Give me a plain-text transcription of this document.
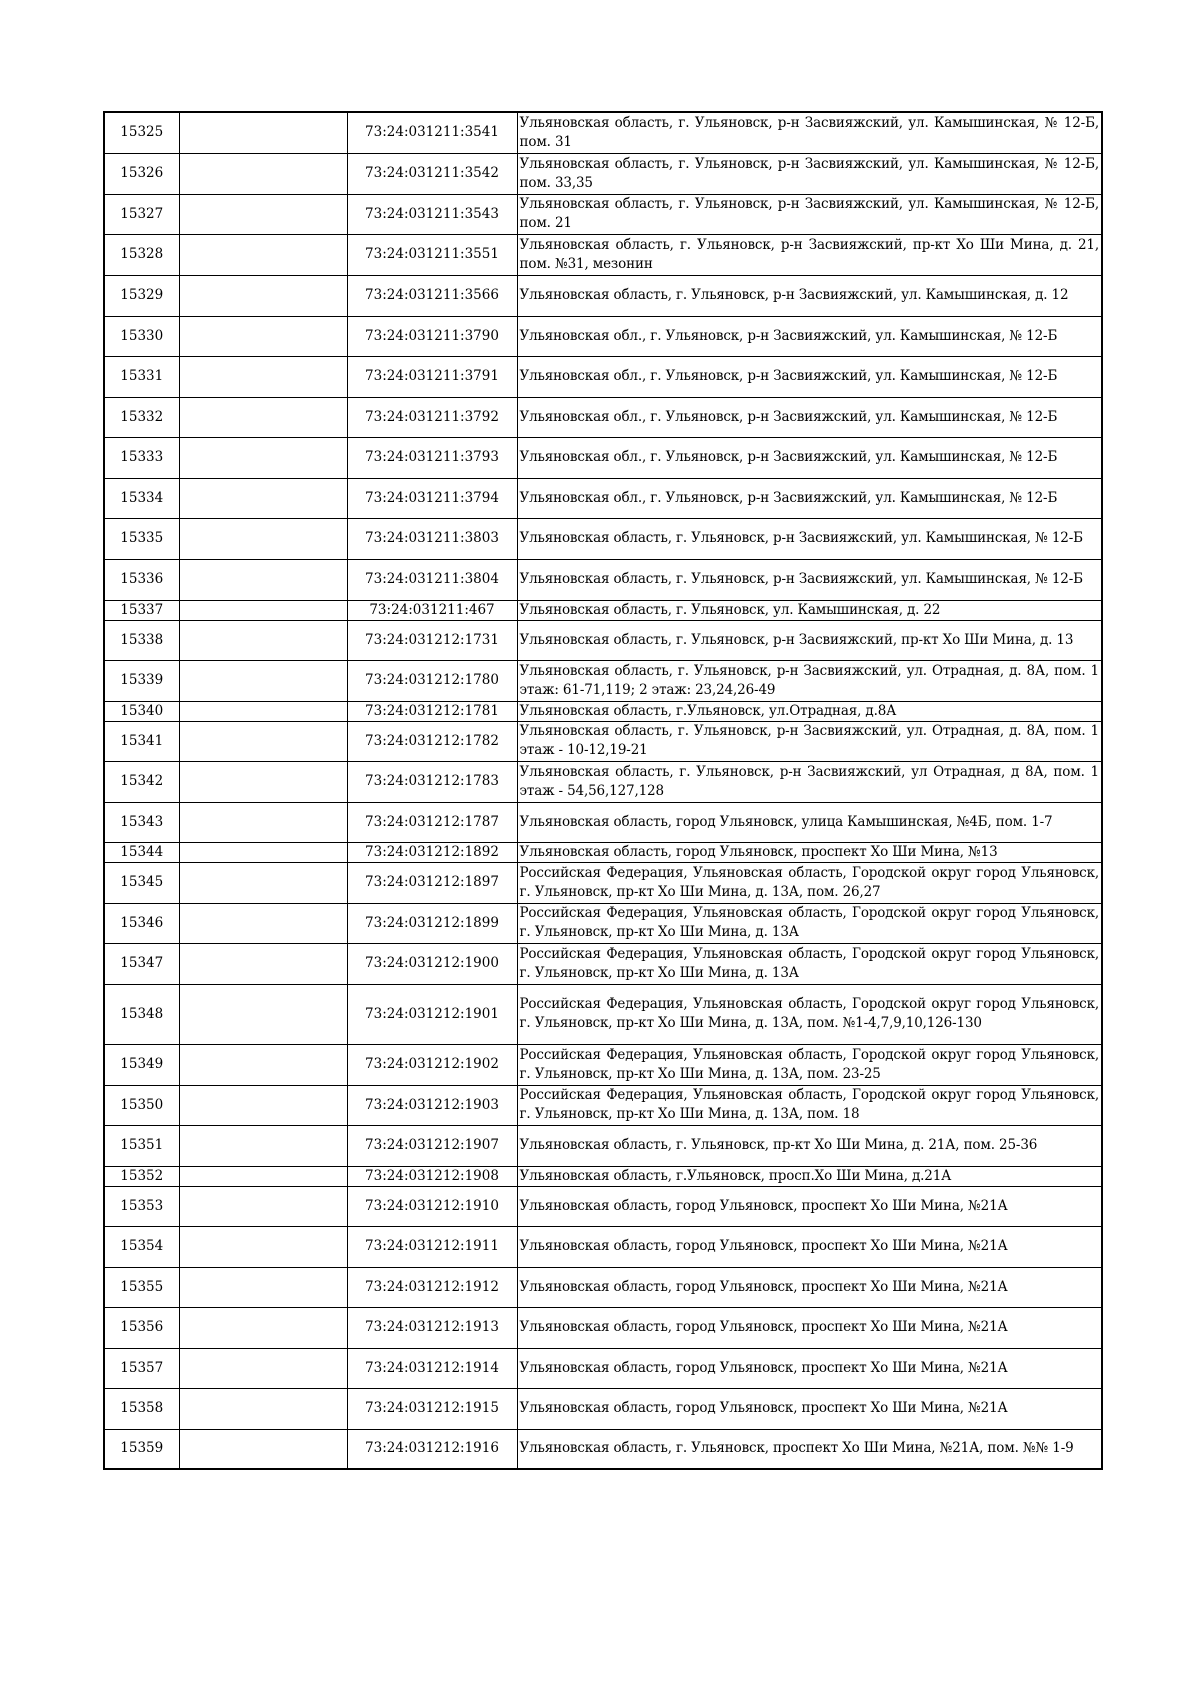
15325		73:24:031211:3541	Ульяновская область, г. Ульяновск, р-н Засвияжский, ул. Камышинская, № 12-Б, пом. 31
15326		73:24:031211:3542	Ульяновская область, г. Ульяновск, р-н Засвияжский, ул. Камышинская, № 12-Б, пом. 33,35
15327		73:24:031211:3543	Ульяновская область, г. Ульяновск, р-н Засвияжский, ул. Камышинская, № 12-Б, пом. 21
15328		73:24:031211:3551	Ульяновская область, г. Ульяновск, р-н Засвияжский, пр-кт Хо Ши Мина, д. 21, пом. №31, мезонин
15329		73:24:031211:3566	Ульяновская область, г. Ульяновск, р-н Засвияжский, ул. Камышинская, д. 12
15330		73:24:031211:3790	Ульяновская обл., г. Ульяновск, р-н Засвияжский, ул. Камышинская, № 12-Б
15331		73:24:031211:3791	Ульяновская обл., г. Ульяновск, р-н Засвияжский, ул. Камышинская, № 12-Б
15332		73:24:031211:3792	Ульяновская обл., г. Ульяновск, р-н Засвияжский, ул. Камышинская, № 12-Б
15333		73:24:031211:3793	Ульяновская обл., г. Ульяновск, р-н Засвияжский, ул. Камышинская, № 12-Б
15334		73:24:031211:3794	Ульяновская обл., г. Ульяновск, р-н Засвияжский, ул. Камышинская, № 12-Б
15335		73:24:031211:3803	Ульяновская область, г. Ульяновск, р-н Засвияжский, ул. Камышинская, № 12-Б
15336		73:24:031211:3804	Ульяновская область, г. Ульяновск, р-н Засвияжский, ул. Камышинская, № 12-Б
15337		73:24:031211:467	Ульяновская область, г. Ульяновск, ул. Камышинская, д. 22
15338		73:24:031212:1731	Ульяновская область, г. Ульяновск, р-н Засвияжский, пр-кт Хо Ши Мина, д. 13
15339		73:24:031212:1780	Ульяновская область, г. Ульяновск, р-н Засвияжский, ул. Отрадная, д. 8А, пом. 1 этаж: 61-71,119; 2 этаж: 23,24,26-49
15340		73:24:031212:1781	Ульяновская область, г.Ульяновск, ул.Отрадная, д.8А
15341		73:24:031212:1782	Ульяновская область, г. Ульяновск, р-н Засвияжский, ул. Отрадная, д. 8А, пом. 1 этаж - 10-12,19-21
15342		73:24:031212:1783	Ульяновская область, г. Ульяновск, р-н Засвияжский, ул Отрадная, д 8А, пом. 1 этаж - 54,56,127,128
15343		73:24:031212:1787	Ульяновская область, город Ульяновск, улица Камышинская, №4Б, пом. 1-7
15344		73:24:031212:1892	Ульяновская область, город Ульяновск, проспект Хо Ши Мина, №13
15345		73:24:031212:1897	Российская Федерация, Ульяновская область, Городской округ город Ульяновск, г. Ульяновск, пр-кт Хо Ши Мина, д. 13А, пом. 26,27
15346		73:24:031212:1899	Российская Федерация, Ульяновская область, Городской округ город Ульяновск, г. Ульяновск, пр-кт Хо Ши Мина, д. 13А
15347		73:24:031212:1900	Российская Федерация, Ульяновская область, Городской округ город Ульяновск, г. Ульяновск, пр-кт Хо Ши Мина, д. 13А
15348		73:24:031212:1901	Российская Федерация, Ульяновская область, Городской округ город Ульяновск, г. Ульяновск, пр-кт Хо Ши Мина, д. 13А, пом. №1-4,7,9,10,126-130
15349		73:24:031212:1902	Российская Федерация, Ульяновская область, Городской округ город Ульяновск, г. Ульяновск, пр-кт Хо Ши Мина, д. 13А, пом. 23-25
15350		73:24:031212:1903	Российская Федерация, Ульяновская область, Городской округ город Ульяновск, г. Ульяновск, пр-кт Хо Ши Мина, д. 13А, пом. 18
15351		73:24:031212:1907	Ульяновская область, г. Ульяновск, пр-кт Хо Ши Мина, д. 21А, пом. 25-36
15352		73:24:031212:1908	Ульяновская область, г.Ульяновск, просп.Хо Ши Мина, д.21А
15353		73:24:031212:1910	Ульяновская область, город Ульяновск, проспект Хо Ши Мина, №21А
15354		73:24:031212:1911	Ульяновская область, город Ульяновск, проспект Хо Ши Мина, №21А
15355		73:24:031212:1912	Ульяновская область, город Ульяновск, проспект Хо Ши Мина, №21А
15356		73:24:031212:1913	Ульяновская область, город Ульяновск, проспект Хо Ши Мина, №21А
15357		73:24:031212:1914	Ульяновская область, город Ульяновск, проспект Хо Ши Мина, №21А
15358		73:24:031212:1915	Ульяновская область, город Ульяновск, проспект Хо Ши Мина, №21А
15359		73:24:031212:1916	Ульяновская область, г. Ульяновск, проспект Хо Ши Мина, №21А, пом. №№ 1-9
